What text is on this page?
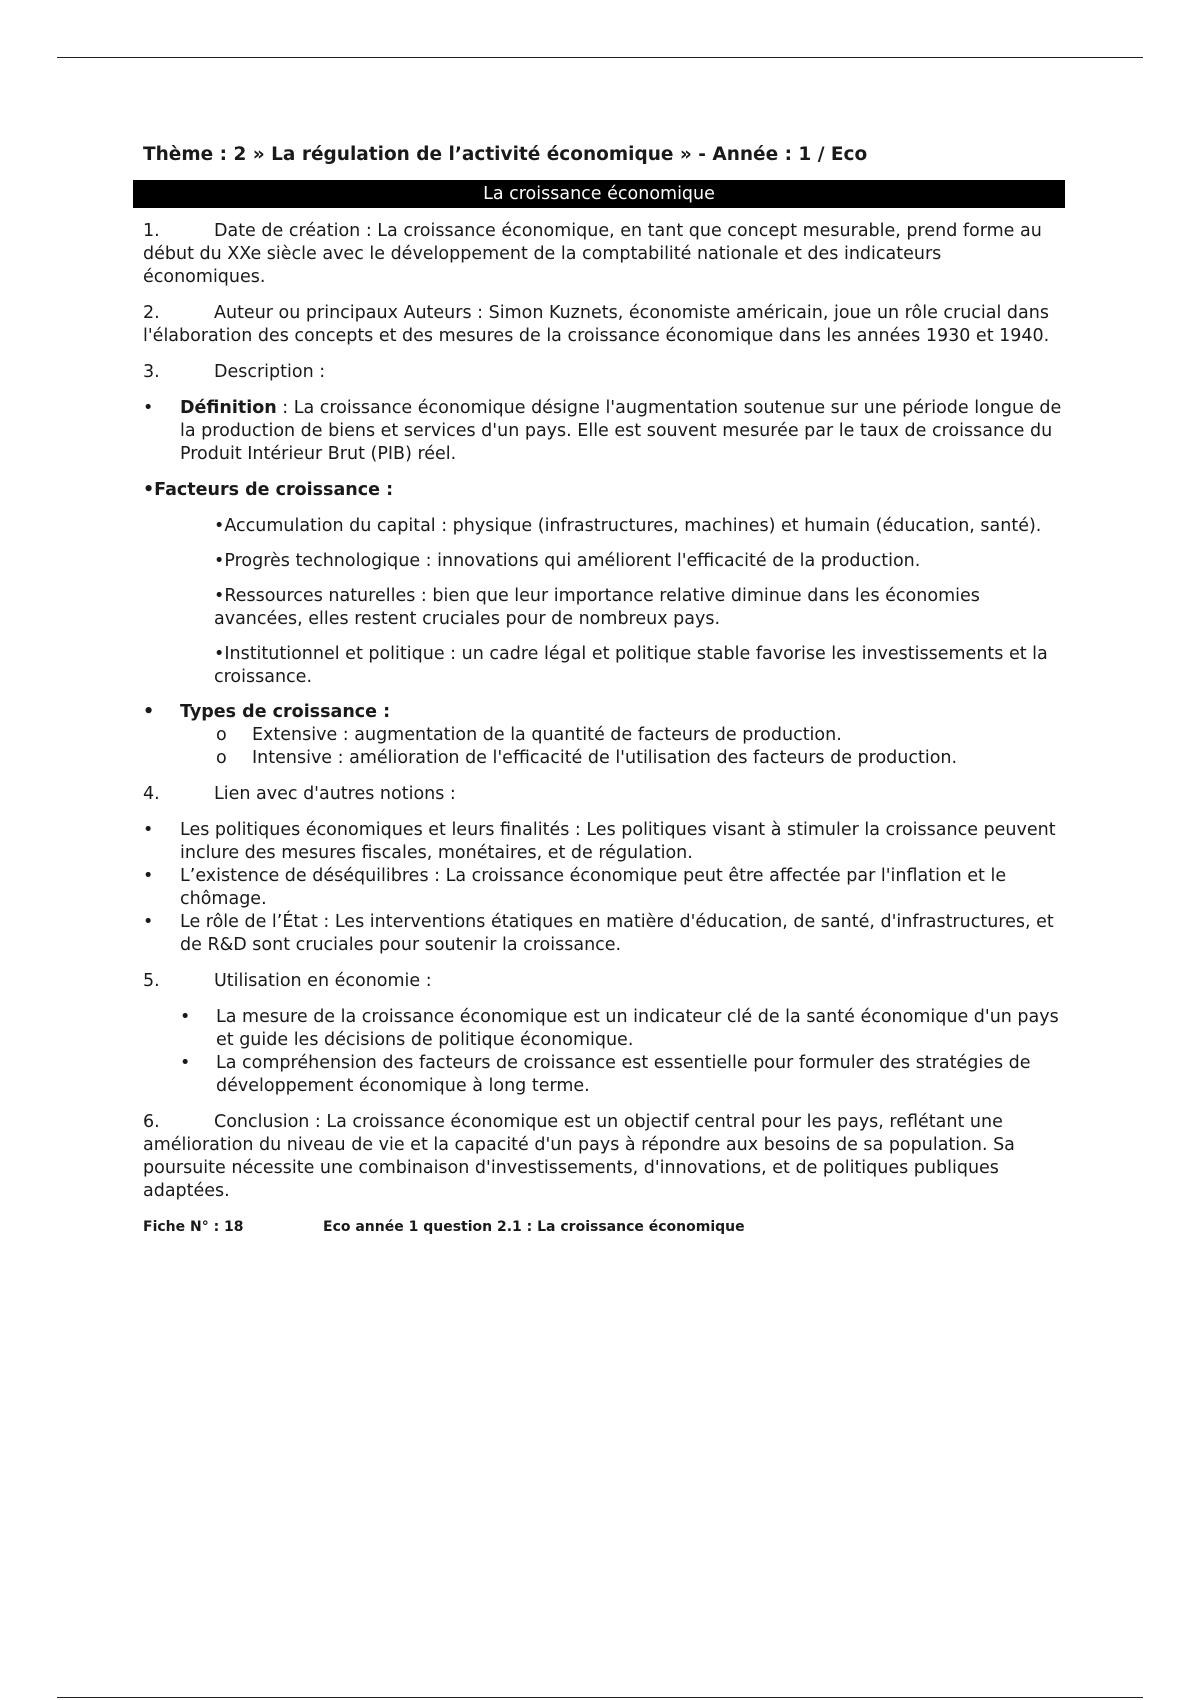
Thème : 2 » La régulation de l’activité économique » - Année : 1 / Eco

La croissance économique

1.	Date de création : La croissance économique, en tant que concept mesurable, prend forme au début du XXe siècle avec le développement de la comptabilité nationale et des indicateurs économiques.

2.	Auteur ou principaux Auteurs : Simon Kuznets, économiste américain, joue un rôle crucial dans l'élaboration des concepts et des mesures de la croissance économique dans les années 1930 et 1940.

3.	Description :

• Définition : La croissance économique désigne l'augmentation soutenue sur une période longue de la production de biens et services d'un pays. Elle est souvent mesurée par le taux de croissance du Produit Intérieur Brut (PIB) réel.

•Facteurs de croissance :

•Accumulation du capital : physique (infrastructures, machines) et humain (éducation, santé).

•Progrès technologique : innovations qui améliorent l'efficacité de la production.

•Ressources naturelles : bien que leur importance relative diminue dans les économies avancées, elles restent cruciales pour de nombreux pays.

•Institutionnel et politique : un cadre légal et politique stable favorise les investissements et la croissance.

• Types de croissance :

o Extensive : augmentation de la quantité de facteurs de production.

o Intensive : amélioration de l'efficacité de l'utilisation des facteurs de production.

4.	Lien avec d'autres notions :

• Les politiques économiques et leurs finalités : Les politiques visant à stimuler la croissance peuvent inclure des mesures fiscales, monétaires, et de régulation.

• L’existence de déséquilibres : La croissance économique peut être affectée par l'inflation et le chômage.

• Le rôle de l’État : Les interventions étatiques en matière d'éducation, de santé, d'infrastructures, et de R&D sont cruciales pour soutenir la croissance.

5.	Utilisation en économie :

• La mesure de la croissance économique est un indicateur clé de la santé économique d'un pays et guide les décisions de politique économique.

• La compréhension des facteurs de croissance est essentielle pour formuler des stratégies de développement économique à long terme.

6.	Conclusion : La croissance économique est un objectif central pour les pays, reflétant une amélioration du niveau de vie et la capacité d'un pays à répondre aux besoins de sa population. Sa poursuite nécessite une combinaison d'investissements, d'innovations, et de politiques publiques adaptées.

Fiche N° : 18	Eco année 1 question 2.1 : La croissance économique
